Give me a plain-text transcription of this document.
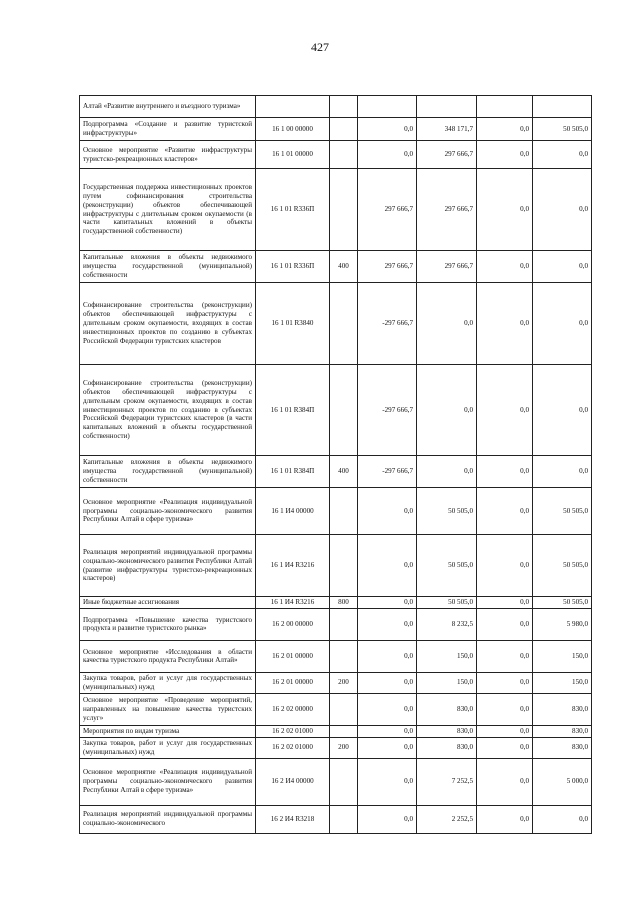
427
Алтай «Развитие внутреннего и въездного туризма»						
Подпрограмма «Создание и развитие туристской инфраструктуры»	16 1 00 00000		0,0	348 171,7	0,0	50 505,0
Основное мероприятие «Развитие инфраструктуры туристско-рекреационных кластеров»	16 1 01 00000		0,0	297 666,7	0,0	0,0
Государственная поддержка инвестиционных проектов путем софинансирования строительства (реконструкции) объектов обеспечивающей инфраструктуры с длительным сроком окупаемости (в части капитальных вложений в объекты государственной собственности)	16 1 01 R336П		297 666,7	297 666,7	0,0	0,0
Капитальные вложения в объекты недвижимого имущества государственной (муниципальной) собственности	16 1 01 R336П	400	297 666,7	297 666,7	0,0	0,0
Софинансирование строительства (реконструкции) объектов обеспечивающей инфраструктуры с длительным сроком окупаемости, входящих в состав инвестиционных проектов по созданию в субъектах Российской Федерации туристских кластеров	16 1 01 R3840		-297 666,7	0,0	0,0	0,0
Софинансирование строительства (реконструкции) объектов обеспечивающей инфраструктуры с длительным сроком окупаемости, входящих в состав инвестиционных проектов по созданию в субъектах Российской Федерации туристских кластеров (в части капитальных вложений в объекты государственной собственности)	16 1 01 R384П		-297 666,7	0,0	0,0	0,0
Капитальные вложения в объекты недвижимого имущества государственной (муниципальной) собственности	16 1 01 R384П	400	-297 666,7	0,0	0,0	0,0
Основное мероприятие «Реализация индивидуальной программы социально-экономического развития Республики Алтай в сфере туризма»	16 1 И4 00000		0,0	50 505,0	0,0	50 505,0
Реализация мероприятий индивидуальной программы социально-экономического развития Республики Алтай (развитие инфраструктуры туристско-рекреационных кластеров)	16 1 И4 R3216		0,0	50 505,0	0,0	50 505,0
Иные бюджетные ассигнования	16 1 И4 R3216	800	0,0	50 505,0	0,0	50 505,0
Подпрограмма «Повышение качества туристского продукта и развитие туристского рынка»	16 2 00 00000		0,0	8 232,5	0,0	5 980,0
Основное мероприятие «Исследования в области качества туристского продукта Республики Алтай»	16 2 01 00000		0,0	150,0	0,0	150,0
Закупка товаров, работ и услуг для государственных (муниципальных) нужд	16 2 01 00000	200	0,0	150,0	0,0	150,0
Основное мероприятие «Проведение мероприятий, направленных на повышение качества туристских услуг»	16 2 02 00000		0,0	830,0	0,0	830,0
Мероприятия по видам туризма	16 2 02 01000		0,0	830,0	0,0	830,0
Закупка товаров, работ и услуг для государственных (муниципальных) нужд	16 2 02 01000	200	0,0	830,0	0,0	830,0
Основное мероприятие «Реализация индивидуальной программы социально-экономического развития Республики Алтай в сфере туризма»	16 2 И4 00000		0,0	7 252,5	0,0	5 000,0
Реализация мероприятий индивидуальной программы социально-экономического	16 2 И4 R3218		0,0	2 252,5	0,0	0,0
